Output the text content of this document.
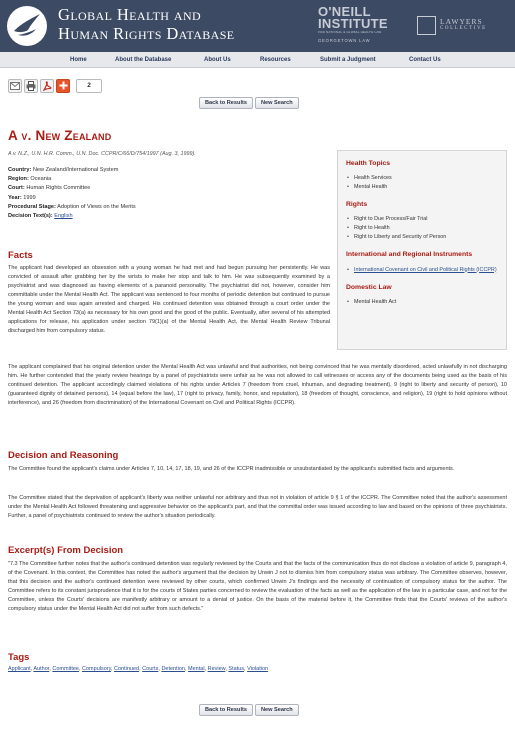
Global Health and
Human Rights Database
O'NEILL
INSTITUTE
FOR NATIONAL & GLOBAL HEALTH LAW
GEORGETOWN LAW
LAWYERS
COLLECTIVE
Home	About the Database	About Us	Resources	Submit a Judgment	Contact Us
2
Back to Results	New Search
A v. New Zealand
A v. N.Z., U.N. H.R. Comm., U.N. Doc. CCPR/C/66/D/754/1997 (Aug. 3, 1999).
Country: New Zealand/International System
Region: Oceania
Court: Human Rights Committee
Year: 1999
Procedural Stage: Adoption of Views on the Merits
Decision Text(s): English
Health Topics
• Health Services
• Mental Health
Rights
• Right to Due Process/Fair Trial
• Right to Health
• Right to Liberty and Security of Person
International and Regional Instruments
• International Covenant on Civil and Political Rights (ICCPR)
Domestic Law
• Mental Health Act
Facts

The applicant had developed an obsession with a young woman he had met and had begun pursuing her persistently. He was convicted of assault after grabbing her by the wrists to make her stop and talk to him. He was subsequently examined by a psychiatrist and was diagnosed as having elements of a paranoid personality. The psychiatrist did not, however, consider him committable under the Mental Health Act. The applicant was sentenced to four months of periodic detention but continued to pursue the young woman and was again arrested and charged. His continued detention was obtained through a court order under the Mental Health Act Section 73(a) as necessary for his own good and the good of the public. Eventually, after several of his attempted applications for release, his application under section 79(1)(a) of the Mental Health Act, the Mental Health Review Tribunal discharged him from compulsory status.

The applicant complained that his original detention under the Mental Health Act was unlawful and that authorities, not being convinced that he was mentally disordered, acted unlawfully in not discharging him. He further contended that the yearly review hearings by a panel of psychiatrists were unfair as he was not allowed to call witnesses or access any of the documents being used as the basis of his continued detention. The applicant accordingly claimed violations of his rights under Articles 7 (freedom from cruel, inhuman, and degrading treatment), 9 (right to liberty and security of person), 10 (guaranteed dignity of detained persons), 14 (equal before the law), 17 (right to privacy, family, honor, and reputation), 18 (freedom of thought, conscience, and religion), 19 (right to hold opinions without interference), and 26 (freedom from discrimination) of the International Covenant on Civil and Political Rights (ICCPR).

Decision and Reasoning

The Committee found the applicant's claims under Articles 7, 10, 14, 17, 18, 19, and 26 of the ICCPR inadmissible or unsubstantiated by the applicant's submitted facts and arguments.

The Committee stated that the deprivation of applicant's liberty was neither unlawful nor arbitrary and thus not in violation of article 9 § 1 of the ICCPR. The Committee noted that the author's assessment under the Mental Health Act followed threatening and aggressive behavior on the applicant's part, and that the committal order was issued according to law and based on the opinions of three psychiatrists. Further, a panel of psychiatrists continued to review the author's situation periodically.

Excerpt(s) From Decision

"7.3 The Committee further notes that the author's continued detention was regularly reviewed by the Courts and that the facts of the communication thus do not disclose a violation of article 9, paragraph 4, of the Covenant. In this context, the Committee has noted the author's argument that the decision by Unwin J not to dismiss him from compulsory status was arbitrary. The Committee observes, however, that this decision and the author's continued detention were reviewed by other courts, which confirmed Unwin J's findings and the necessity of continuation of compulsory status for the author. The Committee refers to its constant jurisprudence that it is for the courts of States parties concerned to review the evaluation of the facts as well as the application of the law in a particular case, and not for the Committee, unless the Courts' decisions are manifestly arbitrary or amount to a denial of justice. On the basis of the material before it, the Committee finds that the Courts' reviews of the author's compulsory status under the Mental Health Act did not suffer from such defects."

Tags
Applicant, Author, Committee, Compulsory, Continued, Courts, Detention, Mental, Review, Status, Violation
Back to Results	New Search
